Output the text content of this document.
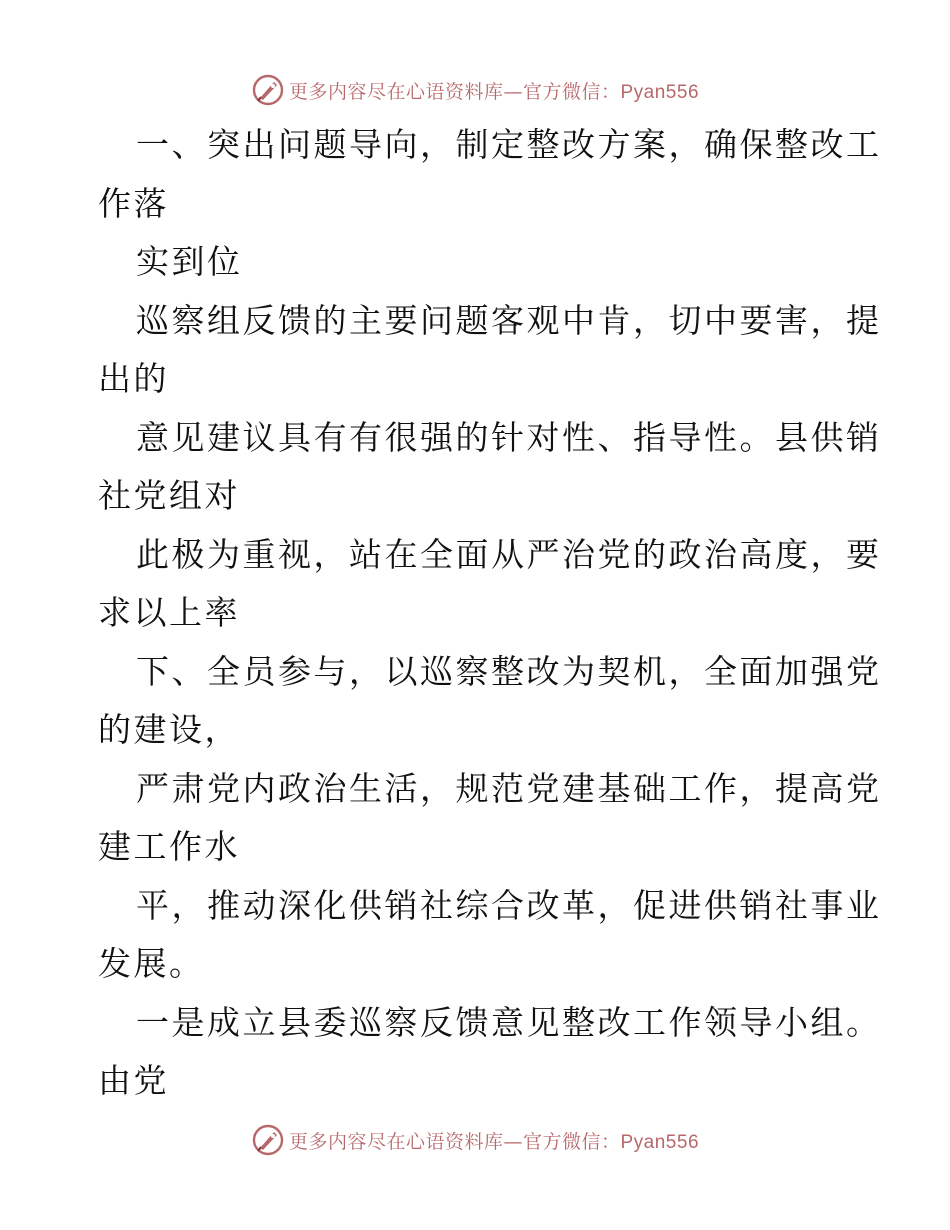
更多内容尽在心语资料库—官方微信：Pyan556

一、突出问题导向，制定整改方案，确保整改工

作落

实到位

巡察组反馈的主要问题客观中肯，切中要害，提

出的

意见建议具有有很强的针对性、指导性。县供销

社党组对

此极为重视，站在全面从严治党的政治高度，要

求以上率

下、全员参与，以巡察整改为契机，全面加强党

的建设，

严肃党内政治生活，规范党建基础工作，提高党

建工作水

平，推动深化供销社综合改革，促进供销社事业

发展。

一是成立县委巡察反馈意见整改工作领导小组。

由党

更多内容尽在心语资料库—官方微信：Pyan556
